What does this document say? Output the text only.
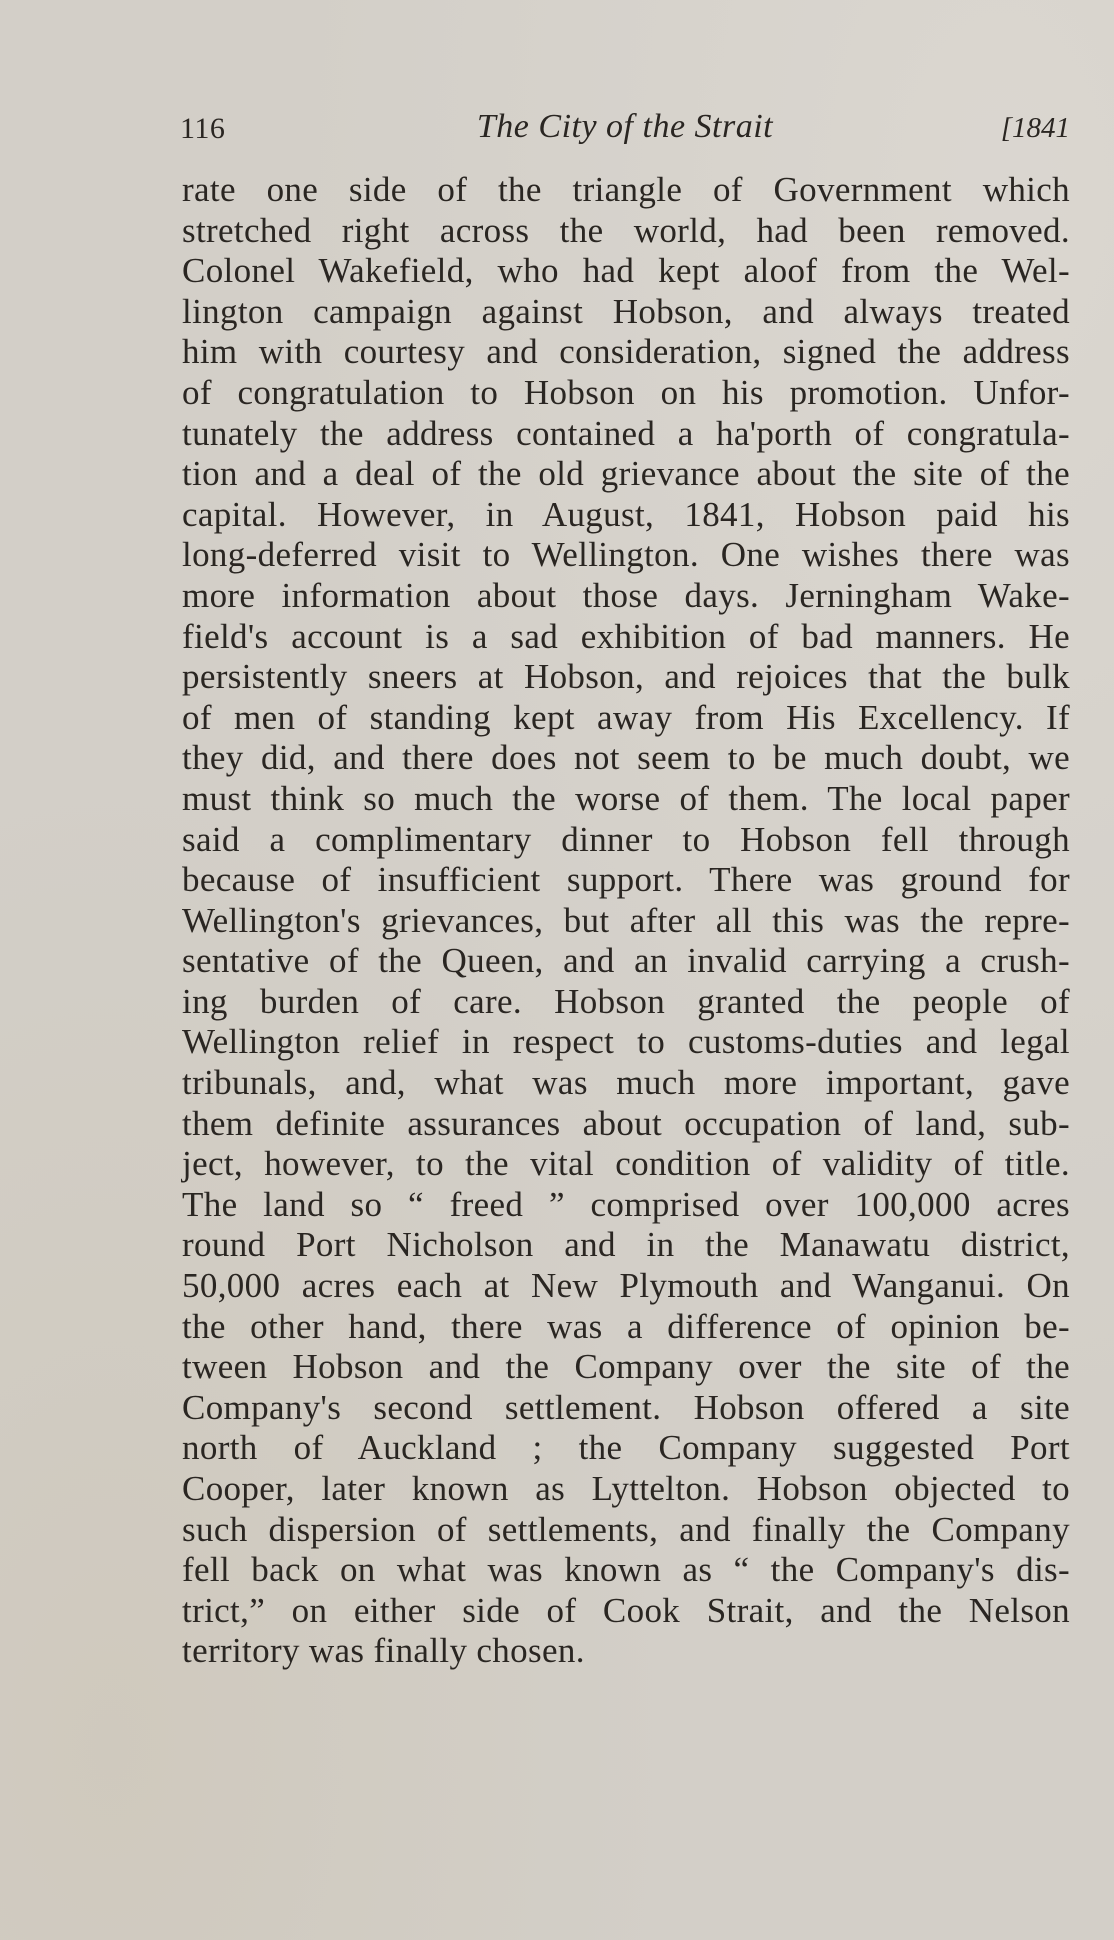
116	The City of the Strait	[1841
rate one side of the triangle of Government which
stretched right across the world, had been removed.
Colonel Wakefield, who had kept aloof from the Wel-
lington campaign against Hobson, and always treated
him with courtesy and consideration, signed the address
of congratulation to Hobson on his promotion. Unfor-
tunately the address contained a ha'porth of congratula-
tion and a deal of the old grievance about the site of the
capital. However, in August, 1841, Hobson paid his
long-deferred visit to Wellington. One wishes there was
more information about those days. Jerningham Wake-
field's account is a sad exhibition of bad manners. He
persistently sneers at Hobson, and rejoices that the bulk
of men of standing kept away from His Excellency. If
they did, and there does not seem to be much doubt, we
must think so much the worse of them. The local paper
said a complimentary dinner to Hobson fell through
because of insufficient support. There was ground for
Wellington's grievances, but after all this was the repre-
sentative of the Queen, and an invalid carrying a crush-
ing burden of care. Hobson granted the people of
Wellington relief in respect to customs-duties and legal
tribunals, and, what was much more important, gave
them definite assurances about occupation of land, sub-
ject, however, to the vital condition of validity of title.
The land so “ freed ” comprised over 100,000 acres
round Port Nicholson and in the Manawatu district,
50,000 acres each at New Plymouth and Wanganui. On
the other hand, there was a difference of opinion be-
tween Hobson and the Company over the site of the
Company's second settlement. Hobson offered a site
north of Auckland ; the Company suggested Port
Cooper, later known as Lyttelton. Hobson objected to
such dispersion of settlements, and finally the Company
fell back on what was known as “ the Company's dis-
trict,” on either side of Cook Strait, and the Nelson
territory was finally chosen.
